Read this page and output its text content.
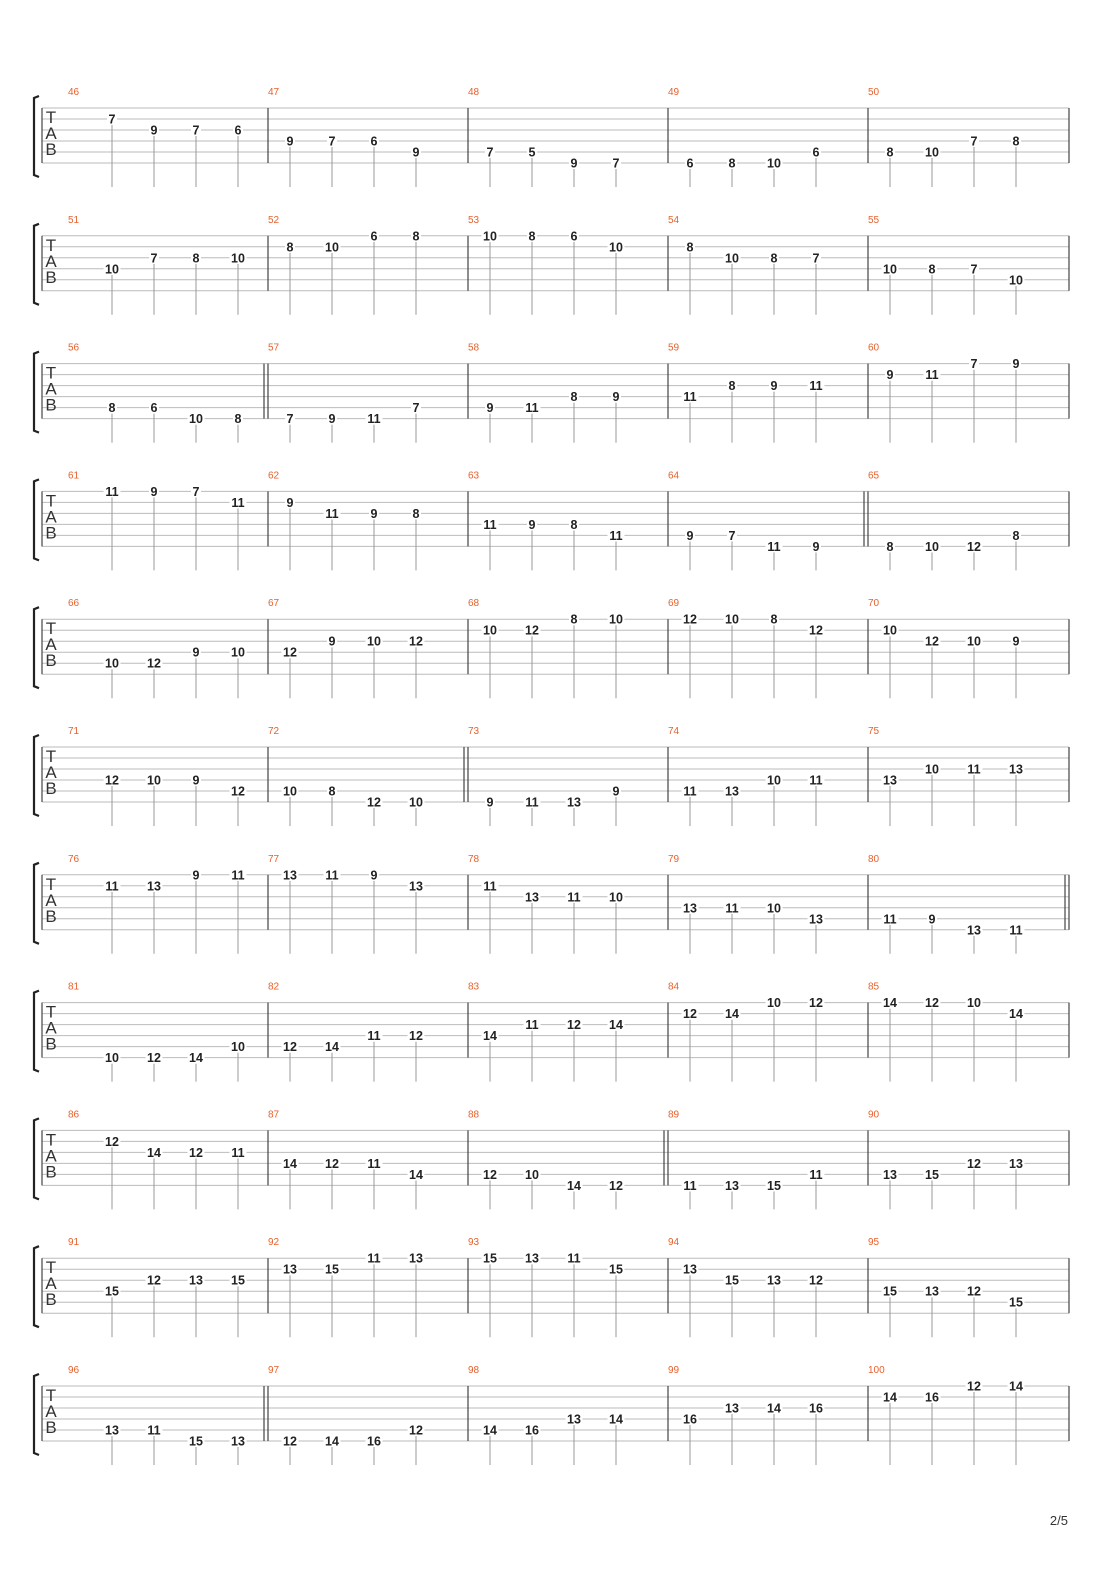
T
A
B
46
7
9	7	6
47
9	7	6
9
48
7	5
9	7
49
6	8	10
6
50
8	10
7	8
T
A
B
51
10
7	8	10
52
8	10
6	8
53
10	8	6
10
54
8
10	8	7
55
10	8	7
10
T
A
B
56
8	6
10	8
57
7	9	11
7
58
9	11
8	9
59
11
8	9	11
60
9	11
7	9
T
A
B
61
11	9	7
11
62
9
11	9	8
63
11	9	8
11
64
9	7
11	9
65
8	10 12
8
T
A
B
66
10 12
9	10
67
12
9	10 12
68
10 12
8	10
69
12 10	8
12
70
10
12 10	9
T
A
B
71
12 10	9
12
72
10	8
12 10
73
9	11 13
9
74
11 13
10 11
75
13
10 11 13
T
A
B
76
11 13
9	11
77
13 11	9
13
78
11
13 11 10
79
13 11 10
13
80
11	9
13 11
T
A
B
81
10 12 14
10
82
12 14
11 12
83
14
11 12 14
84
12 14
10 12
85
14 12 10
14
T
A
B
86
12
14 12 11
87
14 12 11
14
88
12 10
14 12
89
11 13 15
11
90
13 15
12 13
T
A
B
91
15
12 13 15
92
13 15
11 13
93
15 13 11
15
94
13
15 13 12
95
15 13 12
15
T
A
B
96
13 11
15 13
97
12 14 16
12
98
14 16
13 14
99
16
13 14 16
100
14 16
12 14
2/5
